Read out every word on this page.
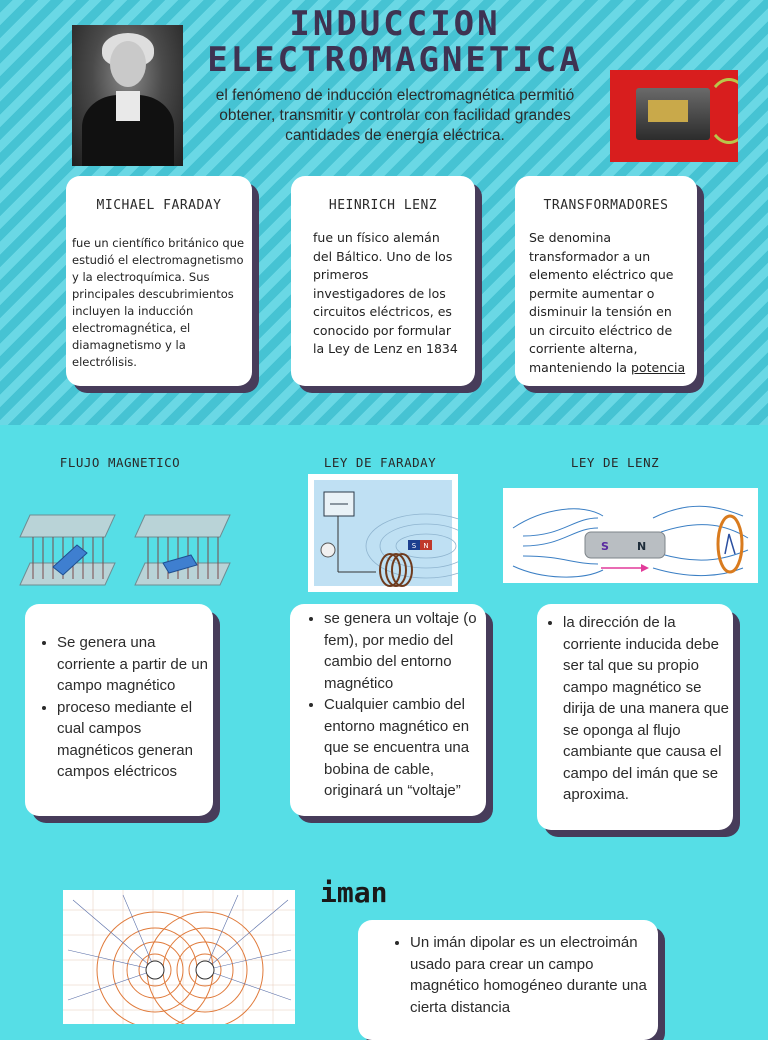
INDUCCION
ELECTROMAGNETICA
el fenómeno de inducción electromagnética permitió obtener, transmitir y controlar con facilidad grandes cantidades de energía eléctrica.
MICHAEL FARADAY
fue un científico británico que estudió el electromagnetismo y la electroquímica. Sus principales descubrimientos incluyen la inducción electromagnética, el diamagnetismo y la electrólisis.
HEINRICH LENZ
fue un físico alemán del Báltico. Uno de los primeros investigadores de los circuitos eléctricos, es conocido por formular la Ley de Lenz en 1834
TRANSFORMADORES
Se denomina transformador a un elemento eléctrico que permite aumentar o disminuir la tensión en un circuito eléctrico de corriente alterna, manteniendo la potencia
FLUJO MAGNETICO	LEY DE FARADAY	LEY DE LENZ
S N	S	N
• Se genera una corriente a partir de un campo magnético
• proceso mediante el cual campos magnéticos generan campos eléctricos
• se genera un voltaje (o fem), por medio del cambio del entorno magnético
• Cualquier cambio del entorno magnético en que se encuentra una bobina de cable, originará un “voltaje”
• la dirección de la corriente inducida debe ser tal que su propio campo magnético se dirija de una manera que se oponga al flujo cambiante que causa el campo del imán que se aproxima.
iman
• Un imán dipolar es un electroimán usado para crear un campo magnético homogéneo durante una cierta distancia
